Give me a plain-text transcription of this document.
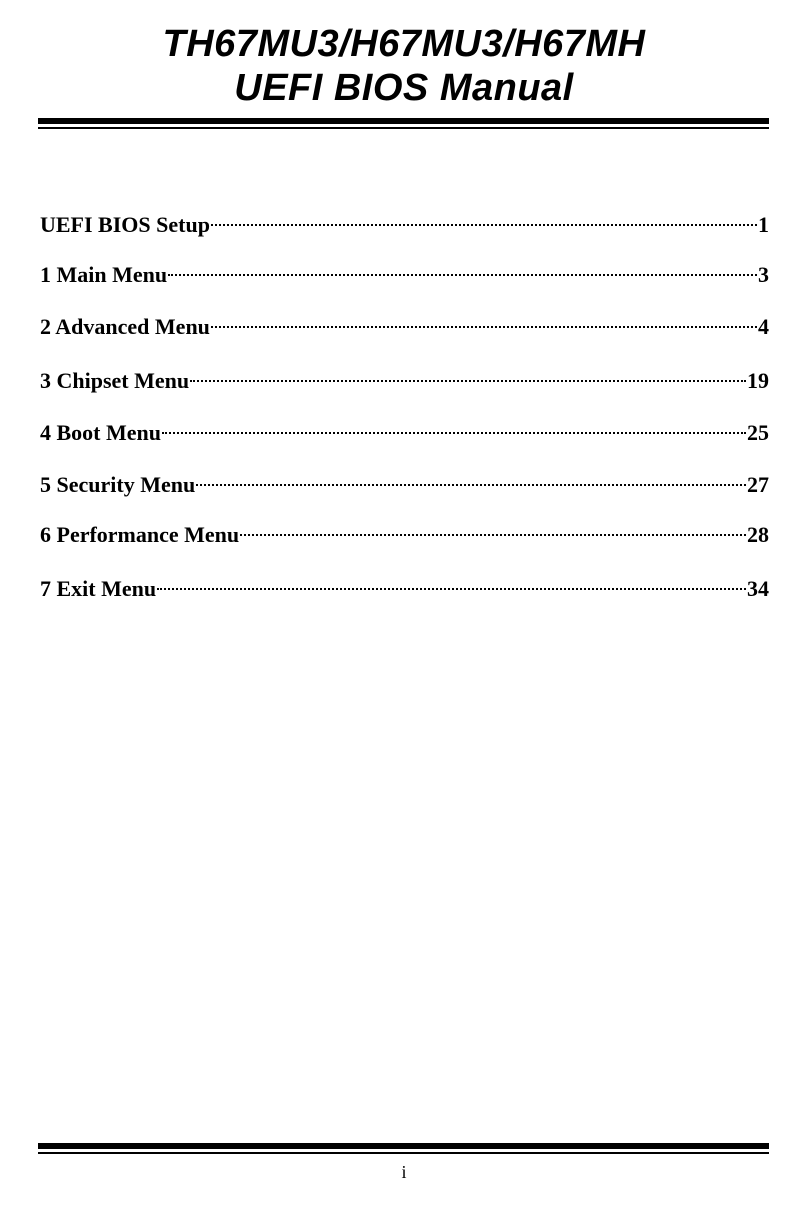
TH67MU3/H67MU3/H67MH
UEFI BIOS Manual
UEFI BIOS Setup	1
1 Main Menu	3
2 Advanced Menu	4
3 Chipset Menu	19
4 Boot Menu	25
5 Security Menu	27
6 Performance Menu	28
7 Exit Menu	34
i
